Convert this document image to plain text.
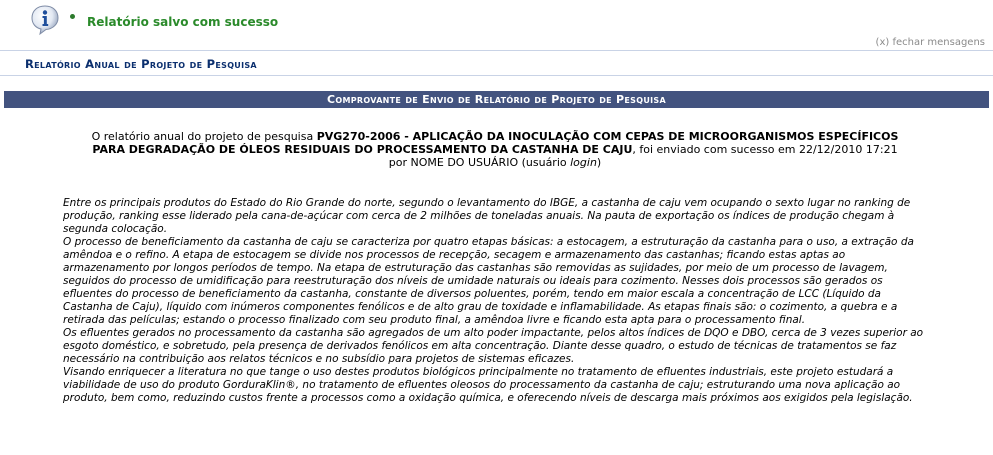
Relatório salvo com sucesso
(x) fechar mensagens
Relatório Anual de Projeto de Pesquisa
Comprovante de Envio de Relatório de Projeto de Pesquisa
O relatório anual do projeto de pesquisa PVG270-2006 - APLICAÇÃO DA INOCULAÇÃO COM CEPAS DE MICROORGANISMOS ESPECÍFICOS PARA DEGRADAÇÃO DE ÓLEOS RESIDUAIS DO PROCESSAMENTO DA CASTANHA DE CAJU, foi enviado com sucesso em 22/12/2010 17:21 por NOME DO USUÁRIO (usuário login)

Entre os principais produtos do Estado do Rio Grande do norte, segundo o levantamento do IBGE, a castanha de caju vem ocupando o sexto lugar no ranking de produção, ranking esse liderado pela cana-de-açúcar com cerca de 2 milhões de toneladas anuais. Na pauta de exportação os índices de produção chegam à segunda colocação.

O processo de beneficiamento da castanha de caju se caracteriza por quatro etapas básicas: a estocagem, a estruturação da castanha para o uso, a extração da amêndoa e o refino. A etapa de estocagem se divide nos processos de recepção, secagem e armazenamento das castanhas; ficando estas aptas ao armazenamento por longos períodos de tempo. Na etapa de estruturação das castanhas são removidas as sujidades, por meio de um processo de lavagem, seguidos do processo de umidificação para reestruturação dos níveis de umidade naturais ou ideais para cozimento. Nesses dois processos são gerados os efluentes do processo de beneficiamento da castanha, constante de diversos poluentes, porém, tendo em maior escala a concentração de LCC (Líquido da Castanha de Caju), líquido com inúmeros componentes fenólicos e de alto grau de toxidade e inflamabilidade. As etapas finais são: o cozimento, a quebra e a retirada das películas; estando o processo finalizado com seu produto final, a amêndoa livre e ficando esta apta para o processamento final.

Os efluentes gerados no processamento da castanha são agregados de um alto poder impactante, pelos altos índices de DQO e DBO, cerca de 3 vezes superior ao esgoto doméstico, e sobretudo, pela presença de derivados fenólicos em alta concentração. Diante desse quadro, o estudo de técnicas de tratamentos se faz necessário na contribuição aos relatos técnicos e no subsídio para projetos de sistemas eficazes.

Visando enriquecer a literatura no que tange o uso destes produtos biológicos principalmente no tratamento de efluentes industriais, este projeto estudará a viabilidade de uso do produto GorduraKlin®, no tratamento de efluentes oleosos do processamento da castanha de caju; estruturando uma nova aplicação ao produto, bem como, reduzindo custos frente a processos como a oxidação química, e oferecendo níveis de descarga mais próximos aos exigidos pela legislação.
